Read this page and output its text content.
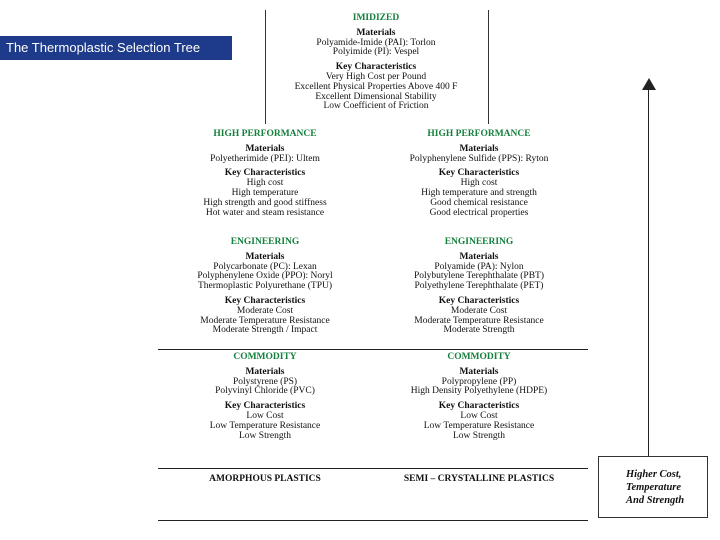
The Thermoplastic Selection Tree
IMIDIZED
Materials
Polyamide-Imide (PAI): Torlon
Polyimide (PI): Vespel
Key Characteristics
Very High Cost per Pound
Excellent Physical Properties Above 400 F
Excellent Dimensional Stability
Low Coefficient of Friction
HIGH PERFORMANCE
Materials
Polyetherimide (PEI): Ultem
Key Characteristics
High cost
High temperature
High strength and good stiffness
Hot water and steam resistance
HIGH PERFORMANCE
Materials
Polyphenylene Sulfide (PPS): Ryton
Key Characteristics
High cost
High temperature and strength
Good chemical resistance
Good electrical properties
ENGINEERING
Materials
Polycarbonate (PC): Lexan
Polyphenylene Oxide (PPO): Noryl
Thermoplastic Polyurethane (TPU)
Key Characteristics
Moderate Cost
Moderate Temperature Resistance
Moderate Strength / Impact
ENGINEERING
Materials
Polyamide (PA): Nylon
Polybutylene Terephthalate (PBT)
Polyethylene Terephthalate (PET)
Key Characteristics
Moderate Cost
Moderate Temperature Resistance
Moderate Strength
COMMODITY
Materials
Polystyrene (PS)
Polyvinyl Chloride (PVC)
Key Characteristics
Low Cost
Low Temperature Resistance
Low Strength
COMMODITY
Materials
Polypropylene (PP)
High Density Polyethylene (HDPE)
Key Characteristics
Low Cost
Low Temperature Resistance
Low Strength
AMORPHOUS PLASTICS	SEMI – CRYSTALLINE PLASTICS	Higher Cost,
Temperature
And Strength
